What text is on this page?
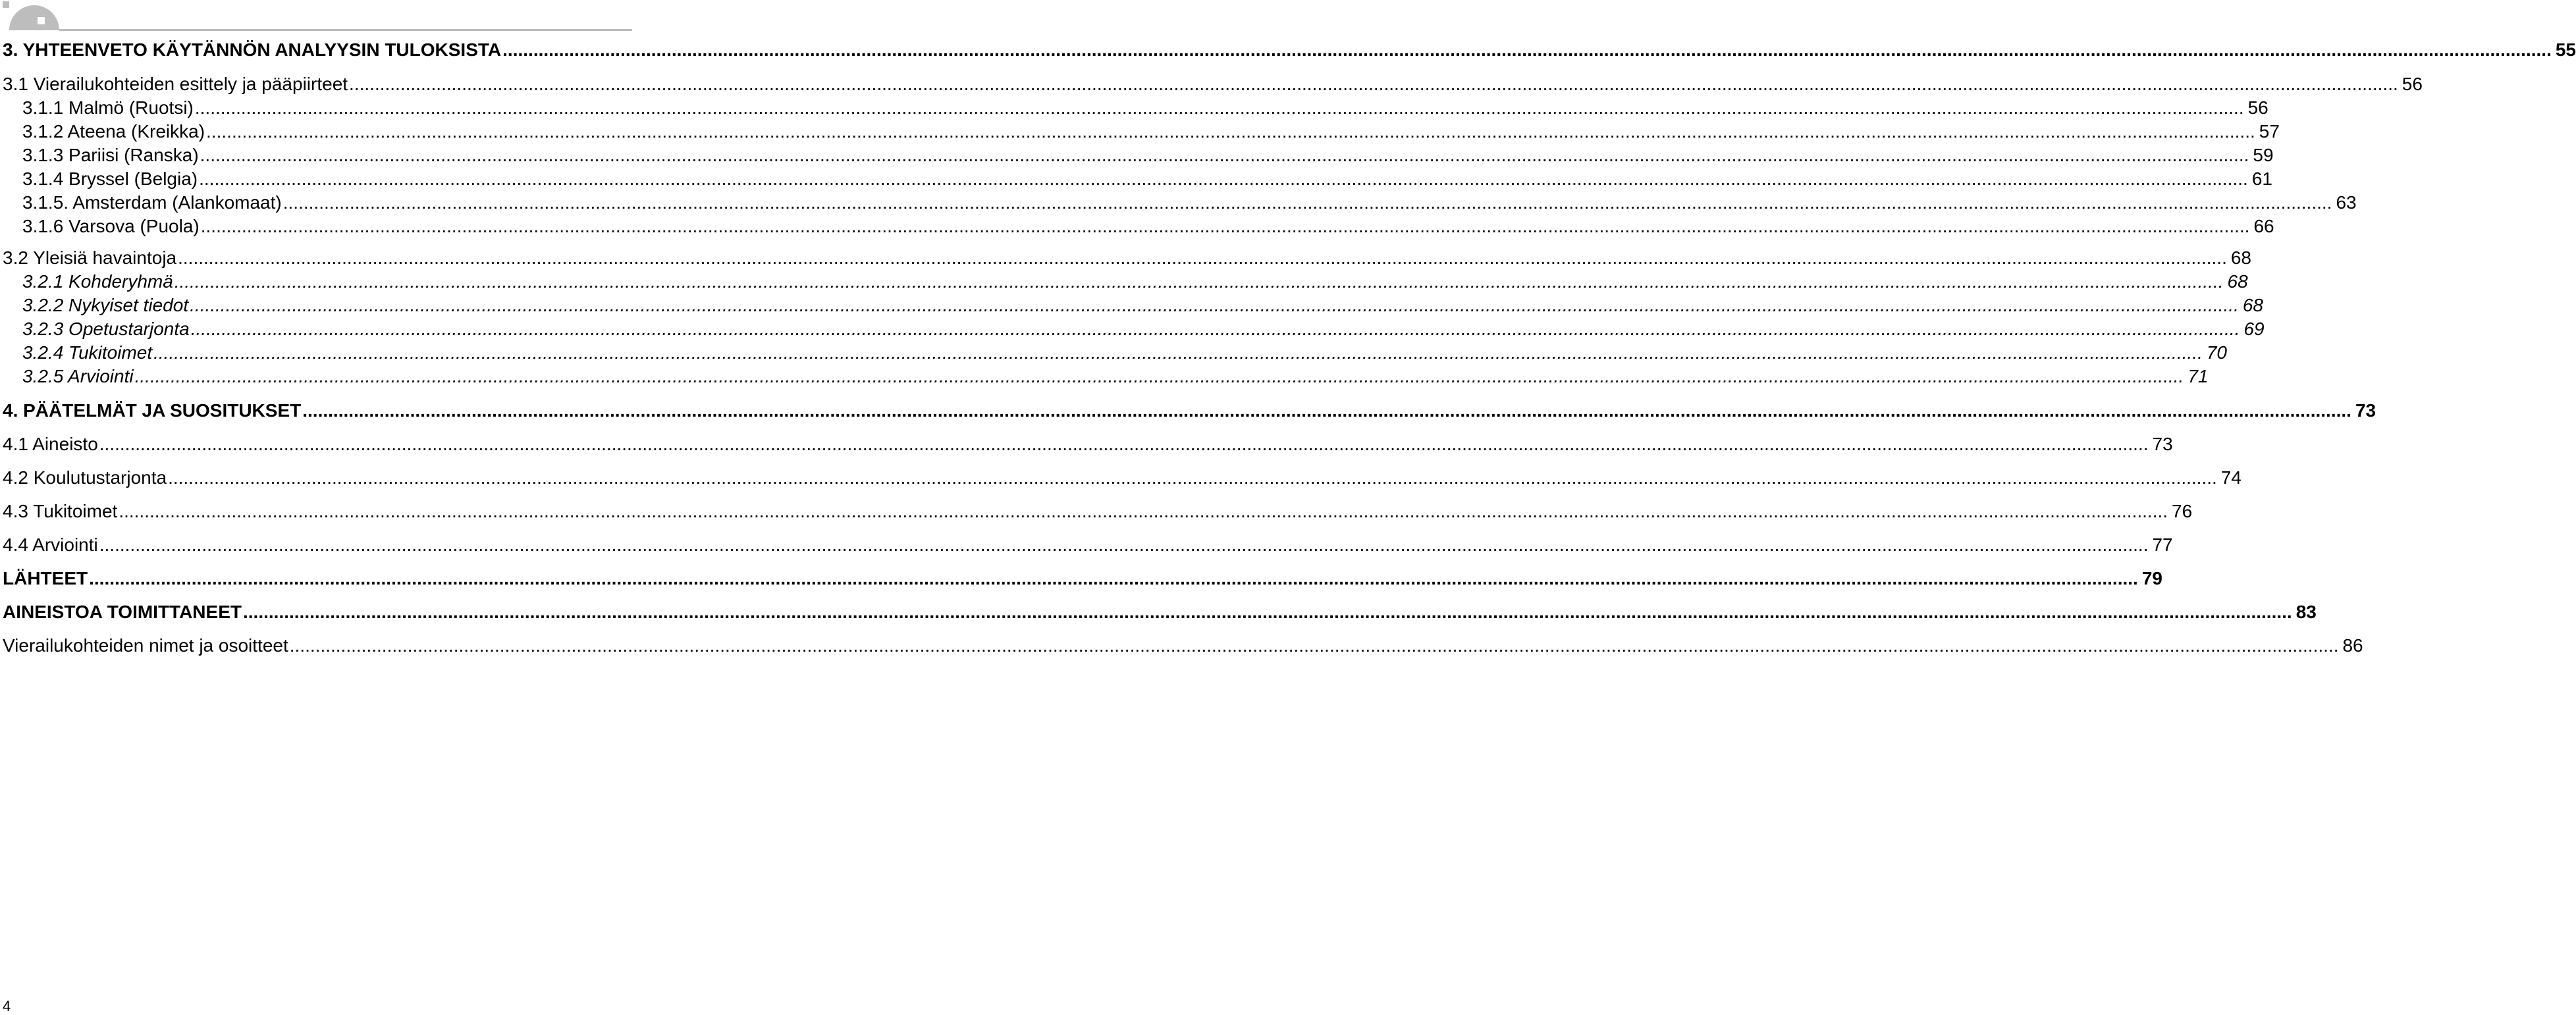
3. YHTEENVETO KÄYTÄNNÖN ANALYYSIN TULOKSISTA ................................................................................................................................................................................................................................................................................................................................................................................................................ 55
3.1 Vierailukohteiden esittely ja pääpiirteet ................................................................................................................................................................................................................................................................................................................................................................................................................ 56
3.1.1 Malmö (Ruotsi) ................................................................................................................................................................................................................................................................................................................................................................................................................ 56
3.1.2 Ateena (Kreikka) ................................................................................................................................................................................................................................................................................................................................................................................................................ 57
3.1.3 Pariisi (Ranska) ................................................................................................................................................................................................................................................................................................................................................................................................................ 59
3.1.4 Bryssel (Belgia) ................................................................................................................................................................................................................................................................................................................................................................................................................ 61
3.1.5. Amsterdam (Alankomaat) ................................................................................................................................................................................................................................................................................................................................................................................................................ 63
3.1.6 Varsova (Puola) ................................................................................................................................................................................................................................................................................................................................................................................................................ 66
3.2 Yleisiä havaintoja ................................................................................................................................................................................................................................................................................................................................................................................................................ 68
3.2.1 Kohderyhmä ................................................................................................................................................................................................................................................................................................................................................................................................................ 68
3.2.2 Nykyiset tiedot ................................................................................................................................................................................................................................................................................................................................................................................................................ 68
3.2.3 Opetustarjonta ................................................................................................................................................................................................................................................................................................................................................................................................................ 69
3.2.4 Tukitoimet ................................................................................................................................................................................................................................................................................................................................................................................................................ 70
3.2.5 Arviointi ................................................................................................................................................................................................................................................................................................................................................................................................................ 71
4. PÄÄTELMÄT JA SUOSITUKSET ................................................................................................................................................................................................................................................................................................................................................................................................................ 73
4.1 Aineisto ................................................................................................................................................................................................................................................................................................................................................................................................................ 73
4.2 Koulutustarjonta ................................................................................................................................................................................................................................................................................................................................................................................................................ 74
4.3 Tukitoimet ................................................................................................................................................................................................................................................................................................................................................................................................................ 76
4.4 Arviointi ................................................................................................................................................................................................................................................................................................................................................................................................................ 77
LÄHTEET ................................................................................................................................................................................................................................................................................................................................................................................................................ 79
AINEISTOA TOIMITTANEET ................................................................................................................................................................................................................................................................................................................................................................................................................ 83
Vierailukohteiden nimet ja osoitteet ................................................................................................................................................................................................................................................................................................................................................................................................................ 86
4
